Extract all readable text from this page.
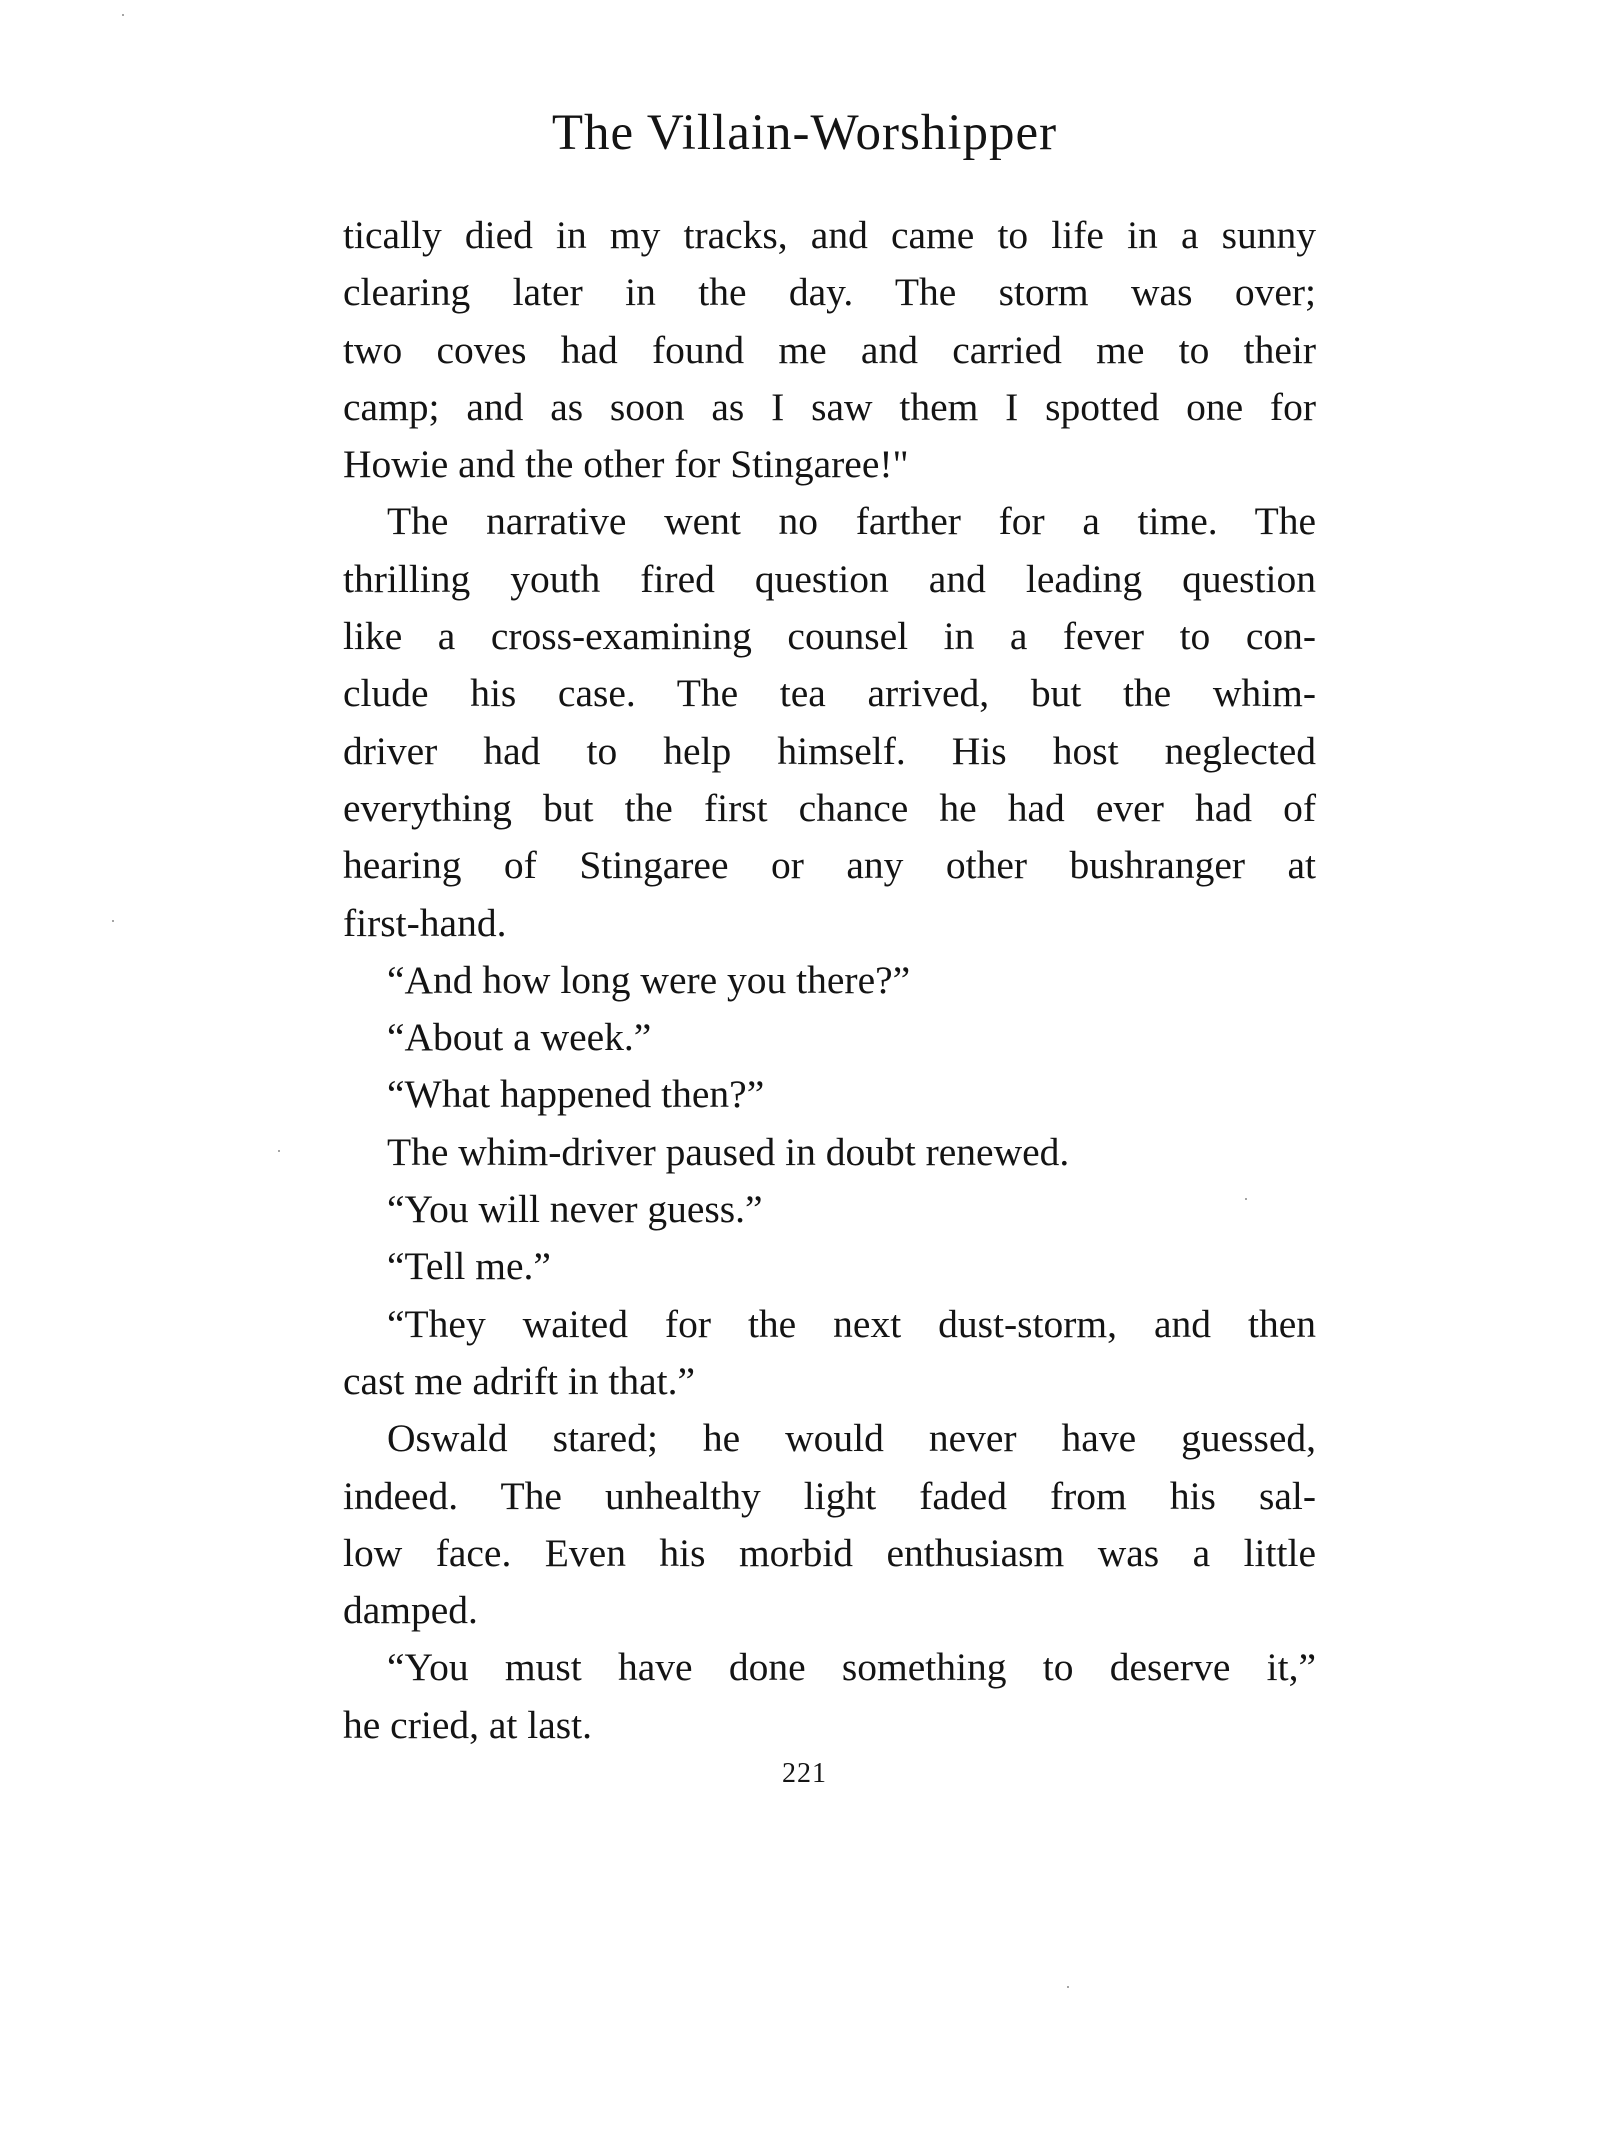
The Villain-Worshipper
tically died in my tracks, and came to life in a sunny
clearing later in the day. The storm was over;
two coves had found me and carried me to their
camp; and as soon as I saw them I spotted one for
Howie and the other for Stingaree!"
The narrative went no farther for a time. The
thrilling youth fired question and leading question
like a cross-examining counsel in a fever to con-
clude his case. The tea arrived, but the whim-
driver had to help himself. His host neglected
everything but the first chance he had ever had of
hearing of Stingaree or any other bushranger at
first-hand.
“And how long were you there?”
“About a week.”
“What happened then?”
The whim-driver paused in doubt renewed.
“You will never guess.”
“Tell me.”
“They waited for the next dust-storm, and then
cast me adrift in that.”
Oswald stared; he would never have guessed,
indeed. The unhealthy light faded from his sal-
low face. Even his morbid enthusiasm was a little
damped.
“You must have done something to deserve it,”
he cried, at last.
221
